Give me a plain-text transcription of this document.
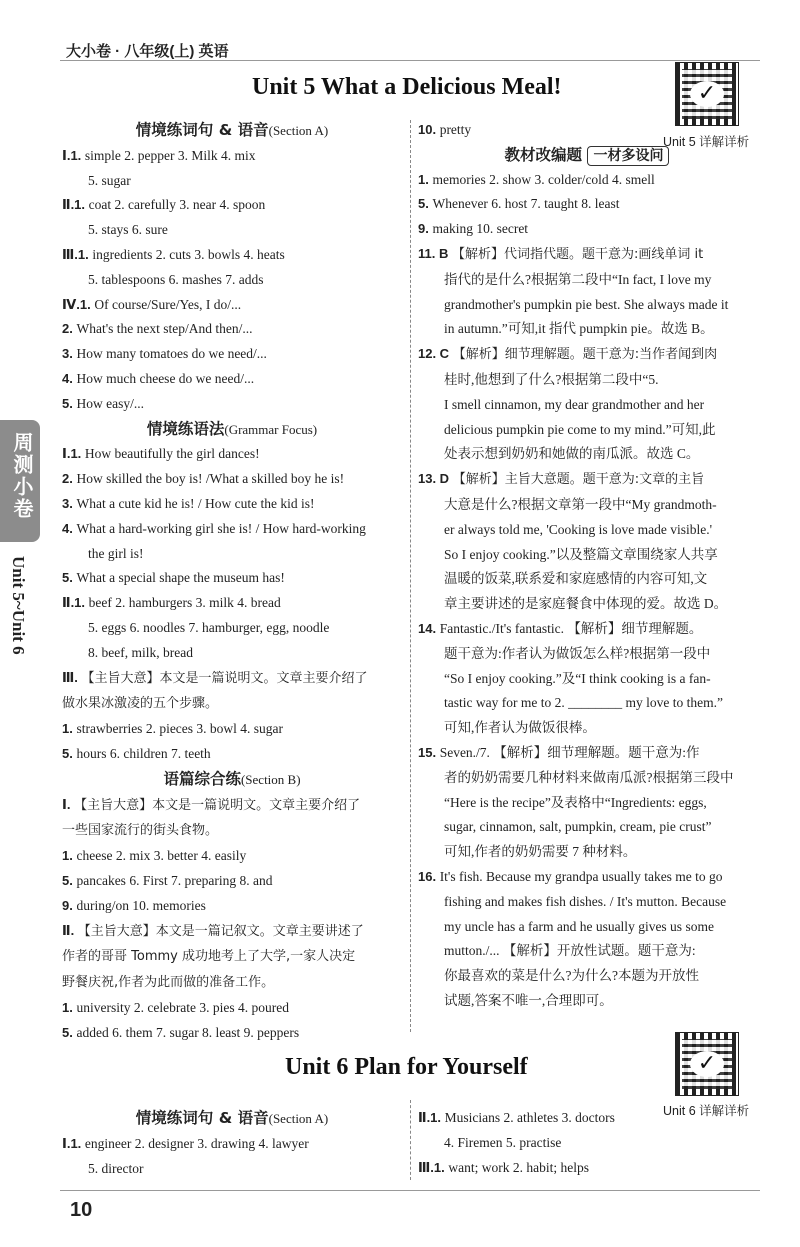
大小卷 · 八年级(上) 英语
Unit 5 What a Delicious Meal!	✓
Unit 5 详解详析
周测小卷
Unit 5~Unit 6
情境练词句 & 语音(Section A)
Ⅰ.1. simple 2. pepper 3. Milk 4. mix
5. sugar
Ⅱ.1. coat 2. carefully 3. near 4. spoon
5. stays 6. sure
Ⅲ.1. ingredients 2. cuts 3. bowls 4. heats
5. tablespoons 6. mashes 7. adds
Ⅳ.1. Of course/Sure/Yes, I do/...
2. What's the next step/And then/...
3. How many tomatoes do we need/...
4. How much cheese do we need/...
5. How easy/...
情境练语法(Grammar Focus)
Ⅰ.1. How beautifully the girl dances!
2. How skilled the boy is! /What a skilled boy he is!
3. What a cute kid he is! / How cute the kid is!
4. What a hard-working girl she is! / How hard-working
the girl is!
5. What a special shape the museum has!
Ⅱ.1. beef 2. hamburgers 3. milk 4. bread
5. eggs 6. noodles 7. hamburger, egg, noodle
8. beef, milk, bread
Ⅲ. 【主旨大意】本文是一篇说明文。文章主要介绍了
做水果冰激凌的五个步骤。
1. strawberries 2. pieces 3. bowl 4. sugar
5. hours 6. children 7. teeth
语篇综合练(Section B)
Ⅰ. 【主旨大意】本文是一篇说明文。文章主要介绍了
一些国家流行的街头食物。
1. cheese 2. mix 3. better 4. easily
5. pancakes 6. First 7. preparing 8. and
9. during/on 10. memories
Ⅱ. 【主旨大意】本文是一篇记叙文。文章主要讲述了
作者的哥哥 Tommy 成功地考上了大学,一家人决定
野餐庆祝,作者为此而做的准备工作。
1. university 2. celebrate 3. pies 4. poured
5. added 6. them 7. sugar 8. least 9. peppers
10. pretty
教材改编题 一材多设问
1. memories 2. show 3. colder/cold 4. smell
5. Whenever 6. host 7. taught 8. least
9. making 10. secret
11. B 【解析】代词指代题。题干意为:画线单词 it
指代的是什么?根据第二段中“In fact, I love my
grandmother's pumpkin pie best. She always made it
in autumn.”可知,it 指代 pumpkin pie。故选 B。
12. C 【解析】细节理解题。题干意为:当作者闻到肉
桂时,他想到了什么?根据第二段中“5.
I smell cinnamon, my dear grandmother and her
delicious pumpkin pie come to my mind.”可知,此
处表示想到奶奶和她做的南瓜派。故选 C。
13. D 【解析】主旨大意题。题干意为:文章的主旨
大意是什么?根据文章第一段中“My grandmoth-
er always told me, 'Cooking is love made visible.'
So I enjoy cooking.”以及整篇文章围绕家人共享
温暖的饭菜,联系爱和家庭感情的内容可知,文
章主要讲述的是家庭餐食中体现的爱。故选 D。
14. Fantastic./It's fantastic. 【解析】细节理解题。
题干意为:作者认为做饭怎么样?根据第一段中
“So I enjoy cooking.”及“I think cooking is a fan-
tastic way for me to 2. ________ my love to them.”
可知,作者认为做饭很棒。
15. Seven./7. 【解析】细节理解题。题干意为:作
者的奶奶需要几种材料来做南瓜派?根据第三段中
“Here is the recipe”及表格中“Ingredients: eggs,
sugar, cinnamon, salt, pumpkin, cream, pie crust”
可知,作者的奶奶需要 7 种材料。
16. It's fish. Because my grandpa usually takes me to go
fishing and makes fish dishes. / It's mutton. Because
my uncle has a farm and he usually gives us some
mutton./... 【解析】开放性试题。题干意为:
你最喜欢的菜是什么?为什么?本题为开放性
试题,答案不唯一,合理即可。
Unit 6 Plan for Yourself	✓
Unit 6 详解详析
情境练词句 & 语音(Section A)
Ⅰ.1. engineer 2. designer 3. drawing 4. lawyer
5. director
Ⅱ.1. Musicians 2. athletes 3. doctors
4. Firemen 5. practise
Ⅲ.1. want; work 2. habit; helps
10
